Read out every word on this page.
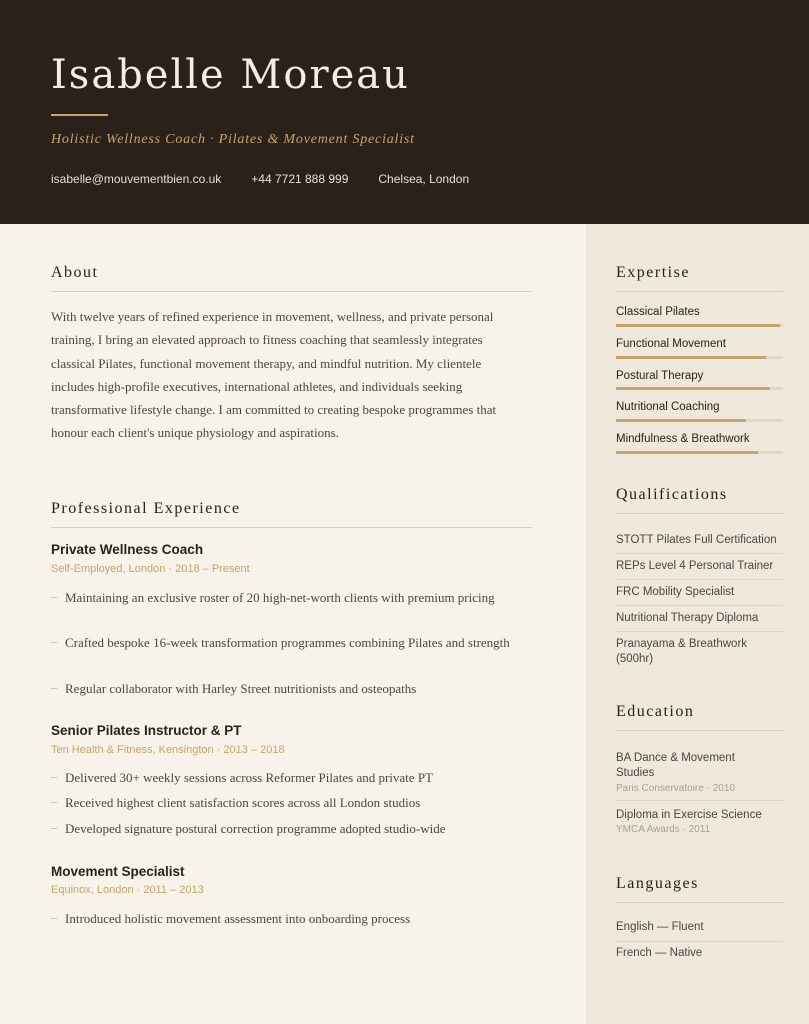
Isabelle Moreau
Holistic Wellness Coach · Pilates & Movement Specialist
isabelle@mouvementbien.co.uk	+44 7721 888 999	Chelsea, London
About

With twelve years of refined experience in movement, wellness, and private personal training, I bring an elevated approach to fitness coaching that seamlessly integrates classical Pilates, functional movement therapy, and mindful nutrition. My clientele includes high-profile executives, international athletes, and individuals seeking transformative lifestyle change. I am committed to creating bespoke programmes that honour each client's unique physiology and aspirations.

Professional Experience
Private Wellness Coach
Self-Employed, London · 2018 – Present
– Maintaining an exclusive roster of 20 high-net-worth clients with premium pricing
– Crafted bespoke 16-week transformation programmes combining Pilates and strength
– Regular collaborator with Harley Street nutritionists and osteopaths
Senior Pilates Instructor & PT
Ten Health & Fitness, Kensington · 2013 – 2018
– Delivered 30+ weekly sessions across Reformer Pilates and private PT
– Received highest client satisfaction scores across all London studios
– Developed signature postural correction programme adopted studio-wide
Movement Specialist
Equinox, London · 2011 – 2013
– Introduced holistic movement assessment into onboarding process
Expertise
Classical Pilates
Functional Movement
Postural Therapy
Nutritional Coaching
Mindfulness & Breathwork
Qualifications
STOTT Pilates Full Certification
REPs Level 4 Personal Trainer
FRC Mobility Specialist
Nutritional Therapy Diploma
Pranayama & Breathwork (500hr)
Education
BA Dance & Movement Studies
Paris Conservatoire · 2010
Diploma in Exercise Science
YMCA Awards · 2011
Languages
English — Fluent
French — Native
